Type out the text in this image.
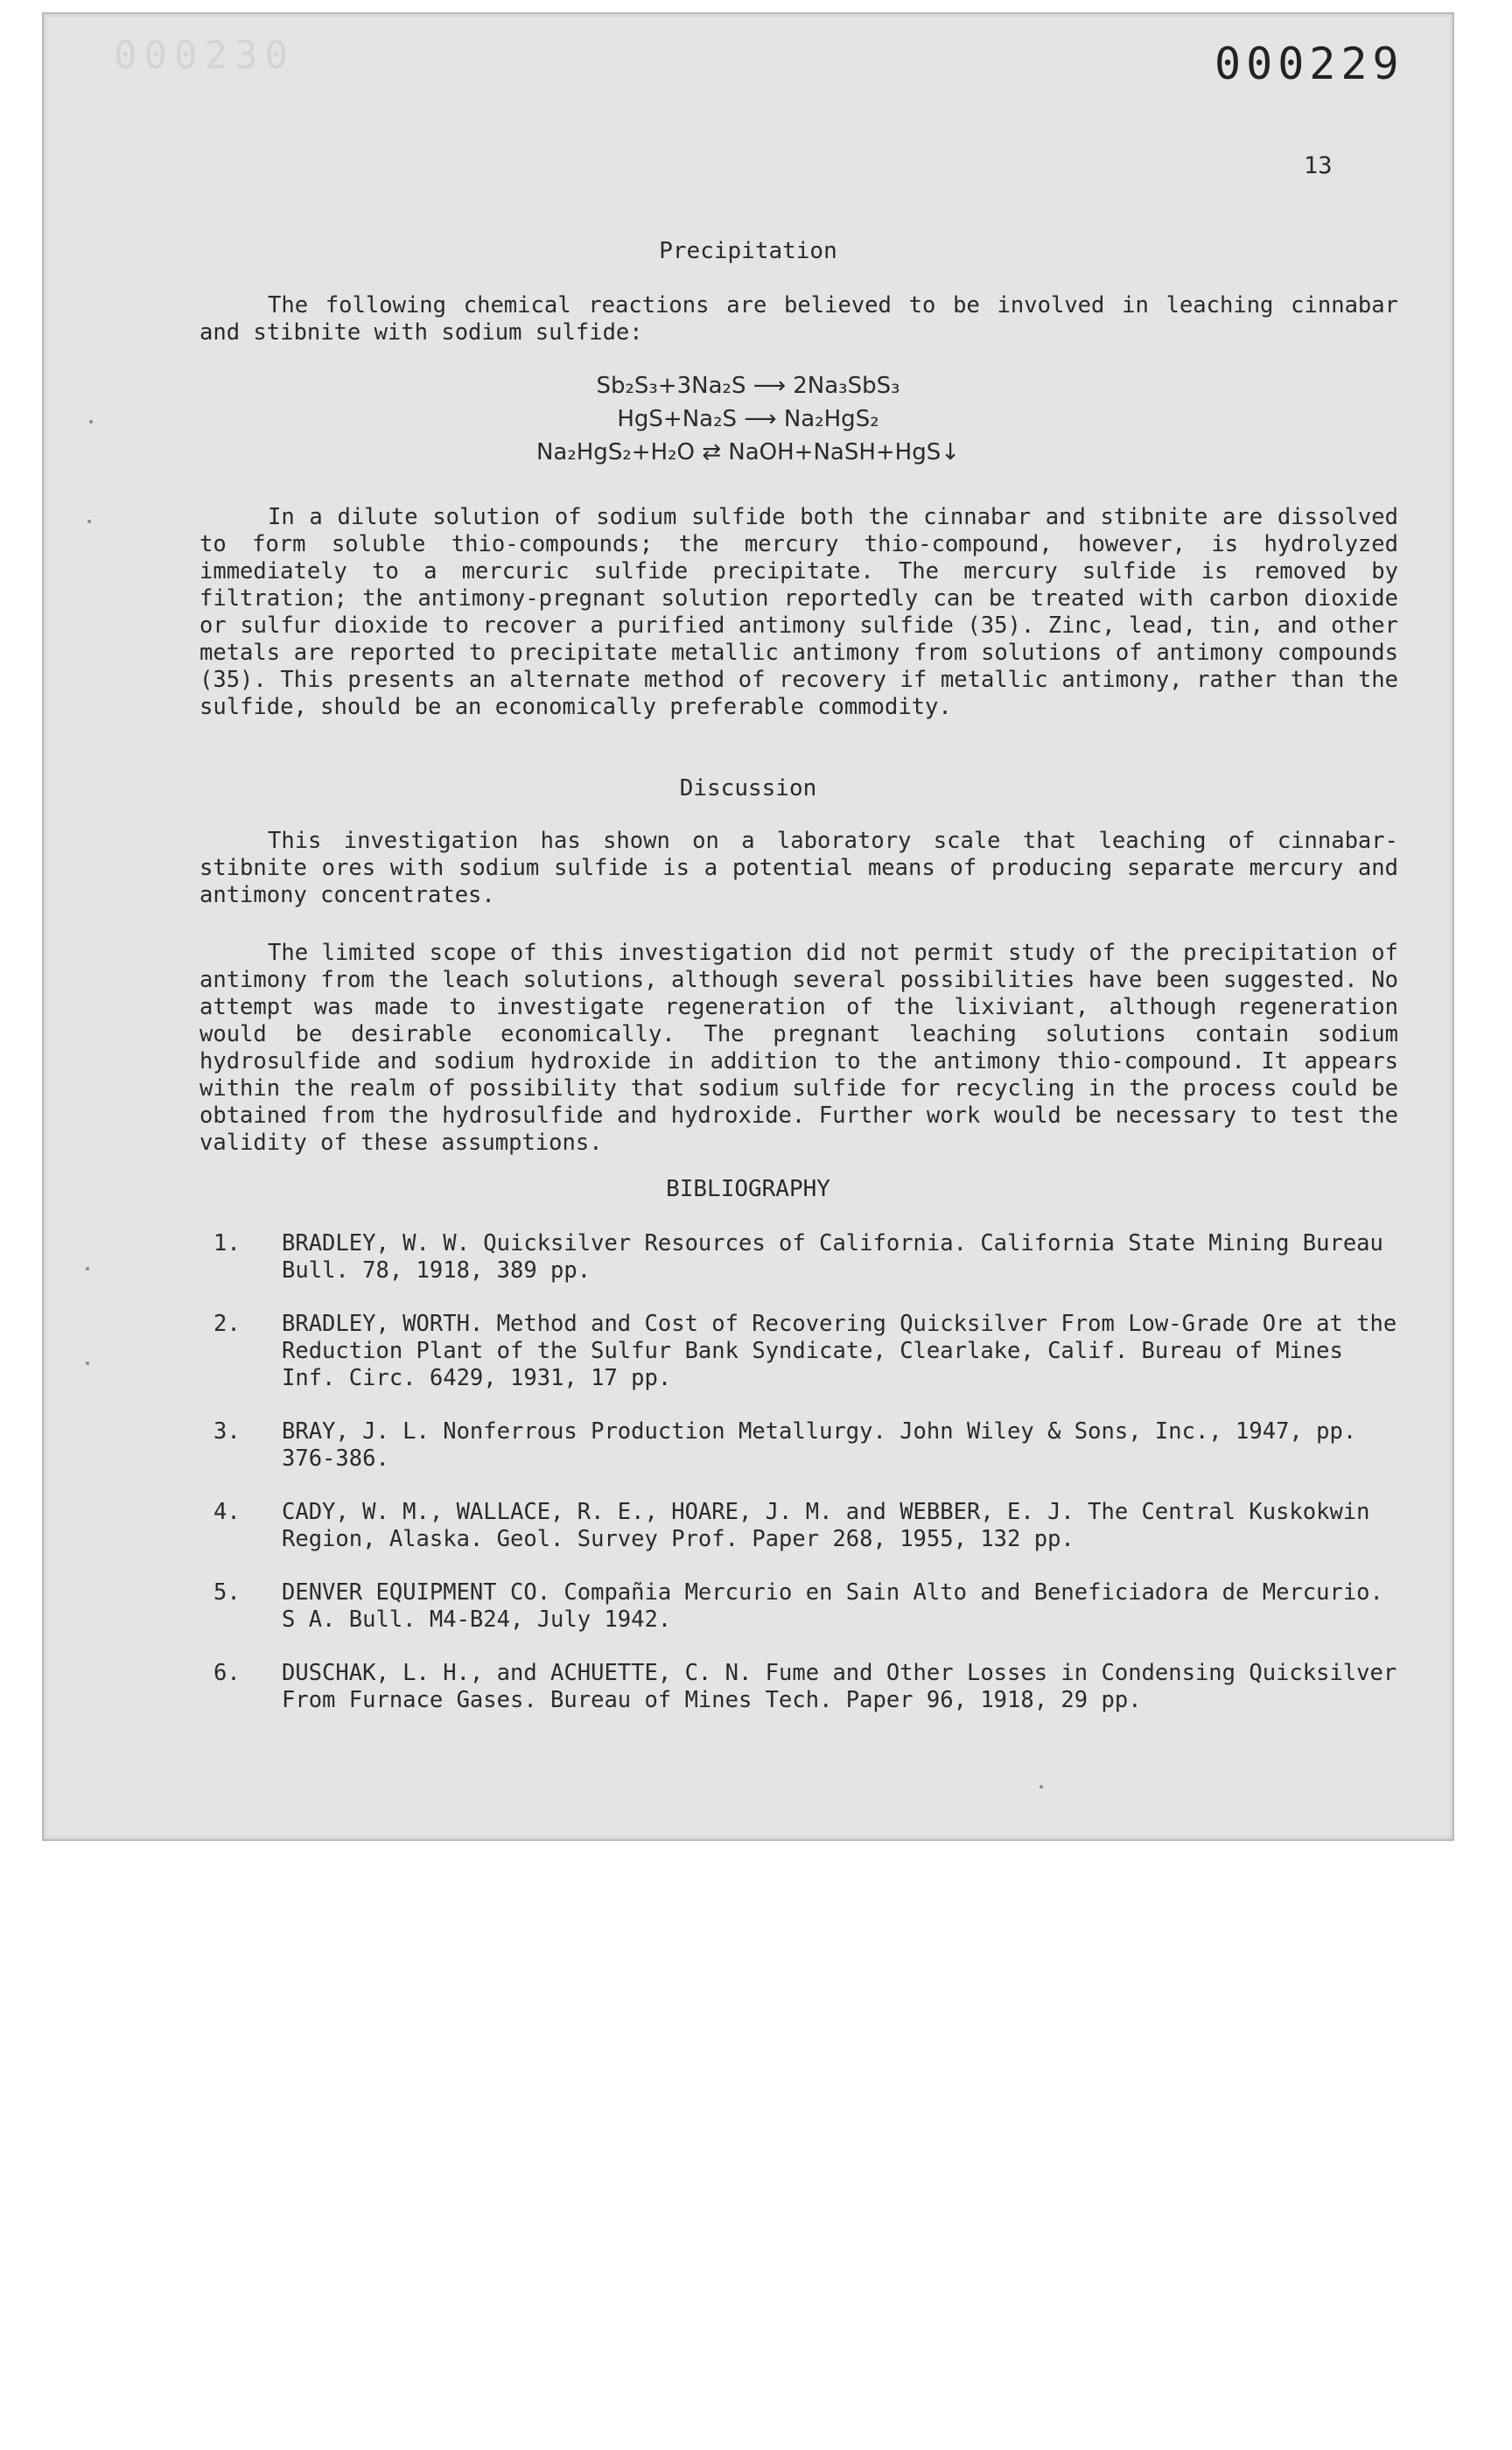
000230	000229
13
Precipitation

The following chemical reactions are believed to be involved in leaching cinnabar and stibnite with sodium sulfide:

Sb₂S₃+3Na₂S ⟶ 2Na₃SbS₃
HgS+Na₂S ⟶ Na₂HgS₂
Na₂HgS₂+H₂O ⇄ NaOH+NaSH+HgS↓

In a dilute solution of sodium sulfide both the cinnabar and stibnite are dissolved to form soluble thio-compounds; the mercury thio-compound, however, is hydrolyzed immediately to a mercuric sulfide precipitate. The mercury sulfide is removed by filtration; the antimony-pregnant solution reportedly can be treated with carbon dioxide or sulfur dioxide to recover a purified antimony sulfide (35). Zinc, lead, tin, and other metals are reported to precipitate metallic antimony from solutions of antimony compounds (35). This presents an alternate method of recovery if metallic antimony, rather than the sulfide, should be an economically preferable commodity.

Discussion

This investigation has shown on a laboratory scale that leaching of cinnabar-stibnite ores with sodium sulfide is a potential means of producing separate mercury and antimony concentrates.

The limited scope of this investigation did not permit study of the precipitation of antimony from the leach solutions, although several possibilities have been suggested. No attempt was made to investigate regeneration of the lixiviant, although regeneration would be desirable economically. The pregnant leaching solutions contain sodium hydrosulfide and sodium hydroxide in addition to the antimony thio-compound. It appears within the realm of possibility that sodium sulfide for recycling in the process could be obtained from the hydrosulfide and hydroxide. Further work would be necessary to test the validity of these assumptions.

BIBLIOGRAPHY
1. BRADLEY, W. W. Quicksilver Resources of California. California State Mining Bureau Bull. 78, 1918, 389 pp.
2. BRADLEY, WORTH. Method and Cost of Recovering Quicksilver From Low-Grade Ore at the Reduction Plant of the Sulfur Bank Syndicate, Clearlake, Calif. Bureau of Mines Inf. Circ. 6429, 1931, 17 pp.
3. BRAY, J. L. Nonferrous Production Metallurgy. John Wiley & Sons, Inc., 1947, pp. 376-386.
4. CADY, W. M., WALLACE, R. E., HOARE, J. M. and WEBBER, E. J. The Central Kuskokwin Region, Alaska. Geol. Survey Prof. Paper 268, 1955, 132 pp.
5. DENVER EQUIPMENT CO. Compañia Mercurio en Sain Alto and Beneficiadora de Mercurio. S A. Bull. M4-B24, July 1942.
6. DUSCHAK, L. H., and ACHUETTE, C. N. Fume and Other Losses in Condensing Quicksilver From Furnace Gases. Bureau of Mines Tech. Paper 96, 1918, 29 pp.
